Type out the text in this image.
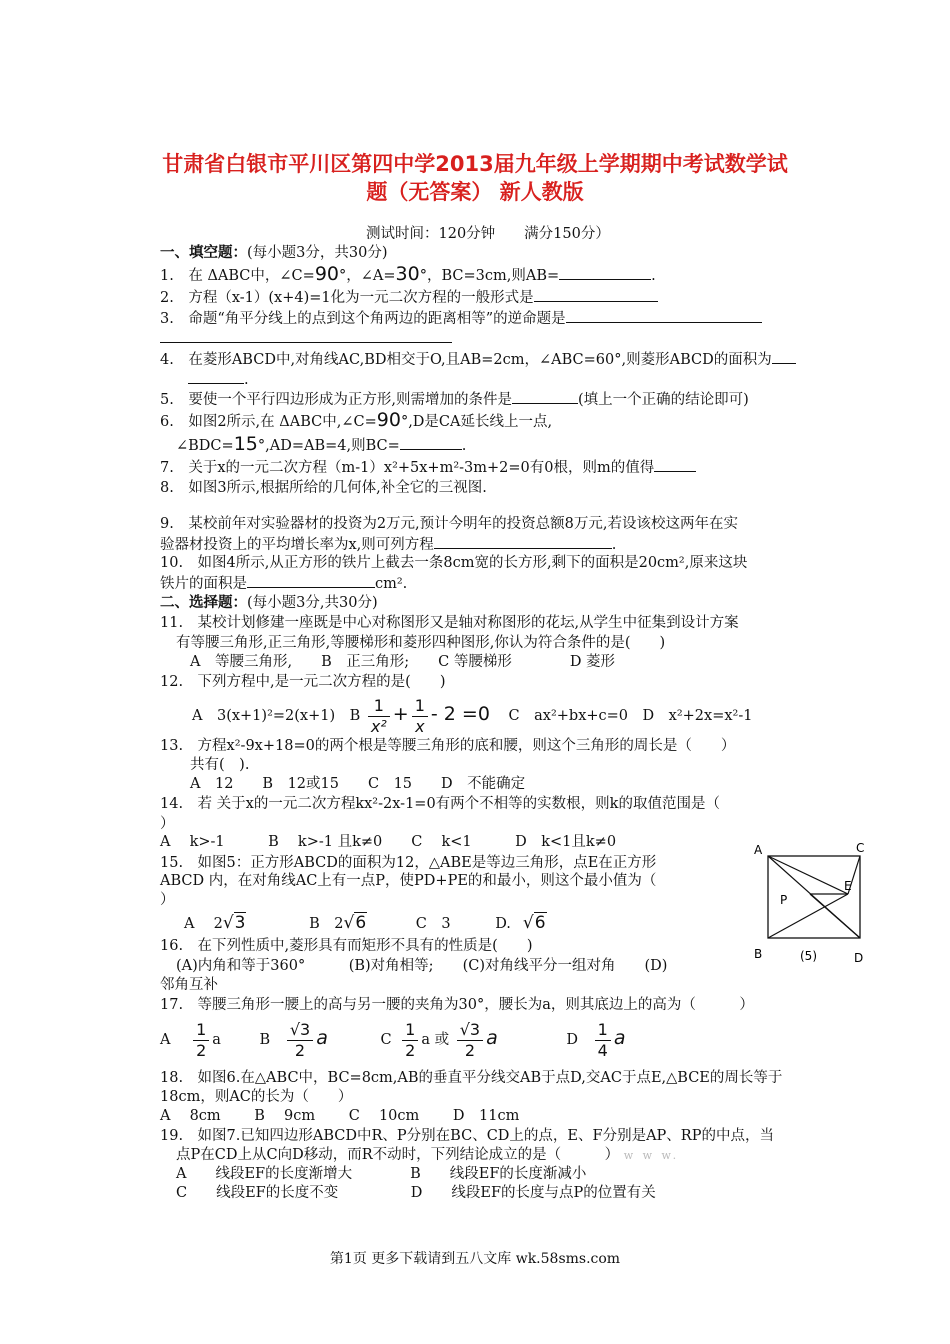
甘肃省白银市平川区第四中学2013届九年级上学期期中考试数学试
题（无答案） 新人教版
测试时间：120分钟　　满分150分）
一、填空题：(每小题3分，共30分)
1.　在 ΔABC中，∠C=90°，∠A=30°，BC=3cm,则AB=	.
2.　方程（x-1）(x+4)=1化为一元二次方程的一般形式是
3.　命题“角平分线上的点到这个角两边的距离相等”的逆命题是
4.　在菱形ABCD中,对角线AC,BD相交于O,且AB=2cm，∠ABC=60°,则菱形ABCD的面积为
.
5.　要使一个平行四边形成为正方形,则需增加的条件是	(填上一个正确的结论即可)
6.　如图2所示,在 ΔABC中,∠C=90°,D是CA延长线上一点,
∠BDC=15°,AD=AB=4,则BC=	.
7.　关于x的一元二次方程（m-1）x²+5x+m²-3m+2=0有0根，则m的值得
8.　如图3所示,根据所给的几何体,补全它的三视图.
9.　某校前年对实验器材的投资为2万元,预计今明年的投资总额8万元,若设该校这两年在实
验器材投资上的平均增长率为x,则可列方程	.
10.　如图4所示,从正方形的铁片上截去一条8cm宽的长方形,剩下的面积是20cm²,原来这块
铁片的面积是	cm².
二、选择题：(每小题3分,共30分)
11.　某校计划修建一座既是中心对称图形又是轴对称图形的花坛,从学生中征集到设计方案
有等腰三角形,正三角形,等腰梯形和菱形四种图形,你认为符合条件的是(　　)
A　等腰三角形,　　B　正三角形;　　C 等腰梯形　　　　D 菱形
12.　下列方程中,是一元二次方程的是(　　)
A　3(x+1)²=2(x+1)　B $\frac{1}{\text{x²}} + \frac{1}{x} - 2 =0$ C　ax²+bx+c=0　D　x²+2x=x²-1
13.　方程x²-9x+18=0的两个根是等腰三角形的底和腰，则这个三角形的周长是（　　）
共有(　).
A　12　　B　12或15　　C　15　　D　不能确定
14.　若 关于x的一元二次方程kx²-2x-1=0有两个不相等的实数根，则k的取值范围是（
）
A　 k>-1　　　B　 k>-1 且k≠0　　C　 k<1　　　D　k<1且k≠0
15.　如图5：正方形ABCD的面积为12，△ABE是等边三角形，点E在正方形
ABCD 内，在对角线AC上有一点P，使PD+PE的和最小，则这个最小值为（
）
A　 2√3	B　2√6	C　3	D. √6
A	C
B	D
E
P
(5)
16.　在下列性质中,菱形具有而矩形不具有的性质是(　　)
(A)内角和等于360°　　　(B)对角相等;　　(C)对角线平分一组对角　　(D)
邻角互补
17.　等腰三角形一腰上的高与另一腰的夹角为30°，腰长为a，则其底边上的高为（　　　）
A $\frac{1}{2}$ a	B $\frac{√3}{2}$ a	C $\frac{1}{2}$ a 或 $\frac{√3}{2}$ a	D $\frac{1}{4}$ a
18.　如图6.在△ABC中，BC=8cm,AB的垂直平分线交AB于点D,交AC于点E,△BCE的周长等于
18cm，则AC的长为（　　）
A　 8cm　　 B　 9cm　　 C　 10cm　　 D　11cm
19.　如图7.已知四边形ABCD中R、P分别在BC、CD上的点，E、F分别是AP、RP的中点，当
点P在CD上从C向D移动，而R不动时，下列结论成立的是（　　　） w w w.
A　　线段EF的长度渐增大　　　　B　　线段EF的长度渐减小
C　　线段EF的长度不变　　　　　D　　线段EF的长度与点P的位置有关
第1页 更多下载请到五八文库 wk.58sms.com
